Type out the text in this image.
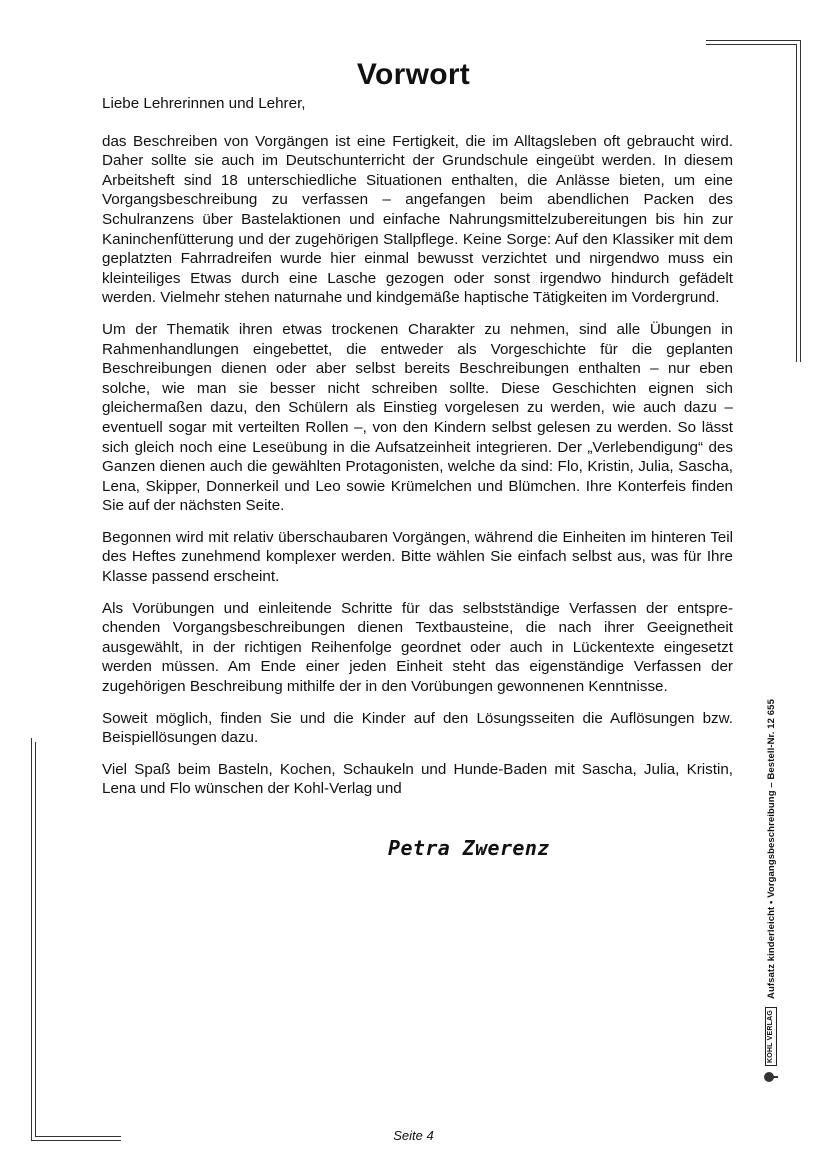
Vorwort

Liebe Lehrerinnen und Lehrer,

das Beschreiben von Vorgängen ist eine Fertigkeit, die im Alltagsleben oft gebraucht wird. Daher sollte sie auch im Deutschunterricht der Grundschule eingeübt werden. In diesem Arbeitsheft sind 18 unterschiedliche Situationen enthalten, die Anlässe bieten, um eine Vorgangsbeschreibung zu verfassen – angefangen beim abendlichen Packen des Schulranzens über Bastelaktionen und einfache Nahrungsmittelzubereitungen bis hin zur Kaninchenfütterung und der zugehörigen Stallpflege. Keine Sorge: Auf den Klassiker mit dem geplatzten Fahrradreifen wurde hier einmal bewusst verzichtet und nirgendwo muss ein kleinteiliges Etwas durch eine Lasche gezogen oder sonst irgendwo hindurch gefädelt werden. Vielmehr stehen naturnahe und kindgemäße haptische Tätigkeiten im Vordergrund.

Um der Thematik ihren etwas trockenen Charakter zu nehmen, sind alle Übungen in Rahmenhandlungen eingebettet, die entweder als Vorgeschichte für die geplanten Beschreibungen dienen oder aber selbst bereits Beschreibungen enthalten – nur eben solche, wie man sie besser nicht schreiben sollte. Diese Geschichten eignen sich gleichermaßen dazu, den Schülern als Einstieg vorgelesen zu werden, wie auch dazu – eventuell sogar mit verteilten Rollen –, von den Kindern selbst gelesen zu werden. So lässt sich gleich noch eine Leseübung in die Aufsatzeinheit integrieren. Der „Verlebendigung“ des Ganzen dienen auch die gewählten Protagonisten, welche da sind: Flo, Kristin, Julia, Sascha, Lena, Skipper, Donnerkeil und Leo sowie Krümelchen und Blümchen. Ihre Konterfeis finden Sie auf der nächsten Seite.

Begonnen wird mit relativ überschaubaren Vorgängen, während die Einheiten im hinteren Teil des Heftes zunehmend komplexer werden. Bitte wählen Sie einfach selbst aus, was für Ihre Klasse passend erscheint.

Als Vorübungen und einleitende Schritte für das selbstständige Verfassen der entsprechenden Vorgangsbeschreibungen dienen Textbausteine, die nach ihrer Geeignetheit ausgewählt, in der richtigen Reihenfolge geordnet oder auch in Lückentexte eingesetzt werden müssen. Am Ende einer jeden Einheit steht das eigenständige Verfassen der zugehörigen Beschreibung mithilfe der in den Vorübungen gewonnenen Kenntnisse.

Soweit möglich, finden Sie und die Kinder auf den Lösungsseiten die Auflösungen bzw. Beispiellösungen dazu.

Viel Spaß beim Basteln, Kochen, Schaukeln und Hunde-Baden mit Sascha, Julia, Kristin, Lena und Flo wünschen der Kohl-Verlag und

Petra Zwerenz
Seite 4
KOHL VERLAG
Aufsatz kinderleicht • Vorgangsbeschreibung – Bestell-Nr. 12 655
